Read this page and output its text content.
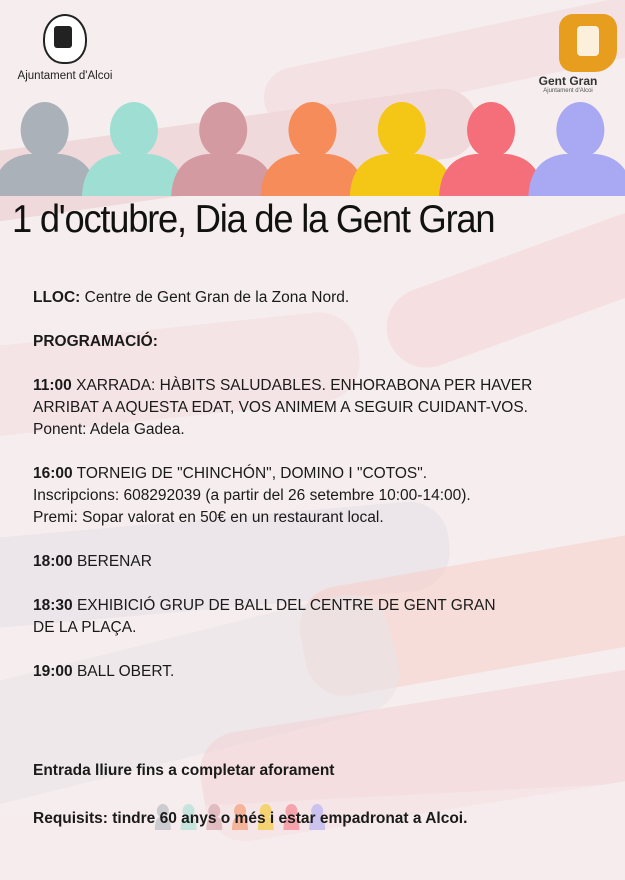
Ajuntament d'Alcoi	Gent Gran
Ajuntament d'Alcoi
1 d'octubre, Dia de la Gent Gran

LLOC: Centre de Gent Gran de la Zona Nord.

PROGRAMACIÓ:

11:00 XARRADA: HÀBITS SALUDABLES. ENHORABONA PER HAVER
ARRIBAT A AQUESTA EDAT, VOS ANIMEM A SEGUIR CUIDANT-VOS.
Ponent: Adela Gadea.

16:00 TORNEIG DE "CHINCHÓN", DOMINO I "COTOS".
Inscripcions: 608292039 (a partir del 26 setembre 10:00-14:00).
Premi: Sopar valorat en 50€ en un restaurant local.

18:00 BERENAR

18:30 EXHIBICIÓ GRUP DE BALL DEL CENTRE DE GENT GRAN
DE LA PLAÇA.

19:00 BALL OBERT.

Entrada lliure fins a completar aforament
Requisits: tindre 60 anys o més i estar empadronat a Alcoi.
